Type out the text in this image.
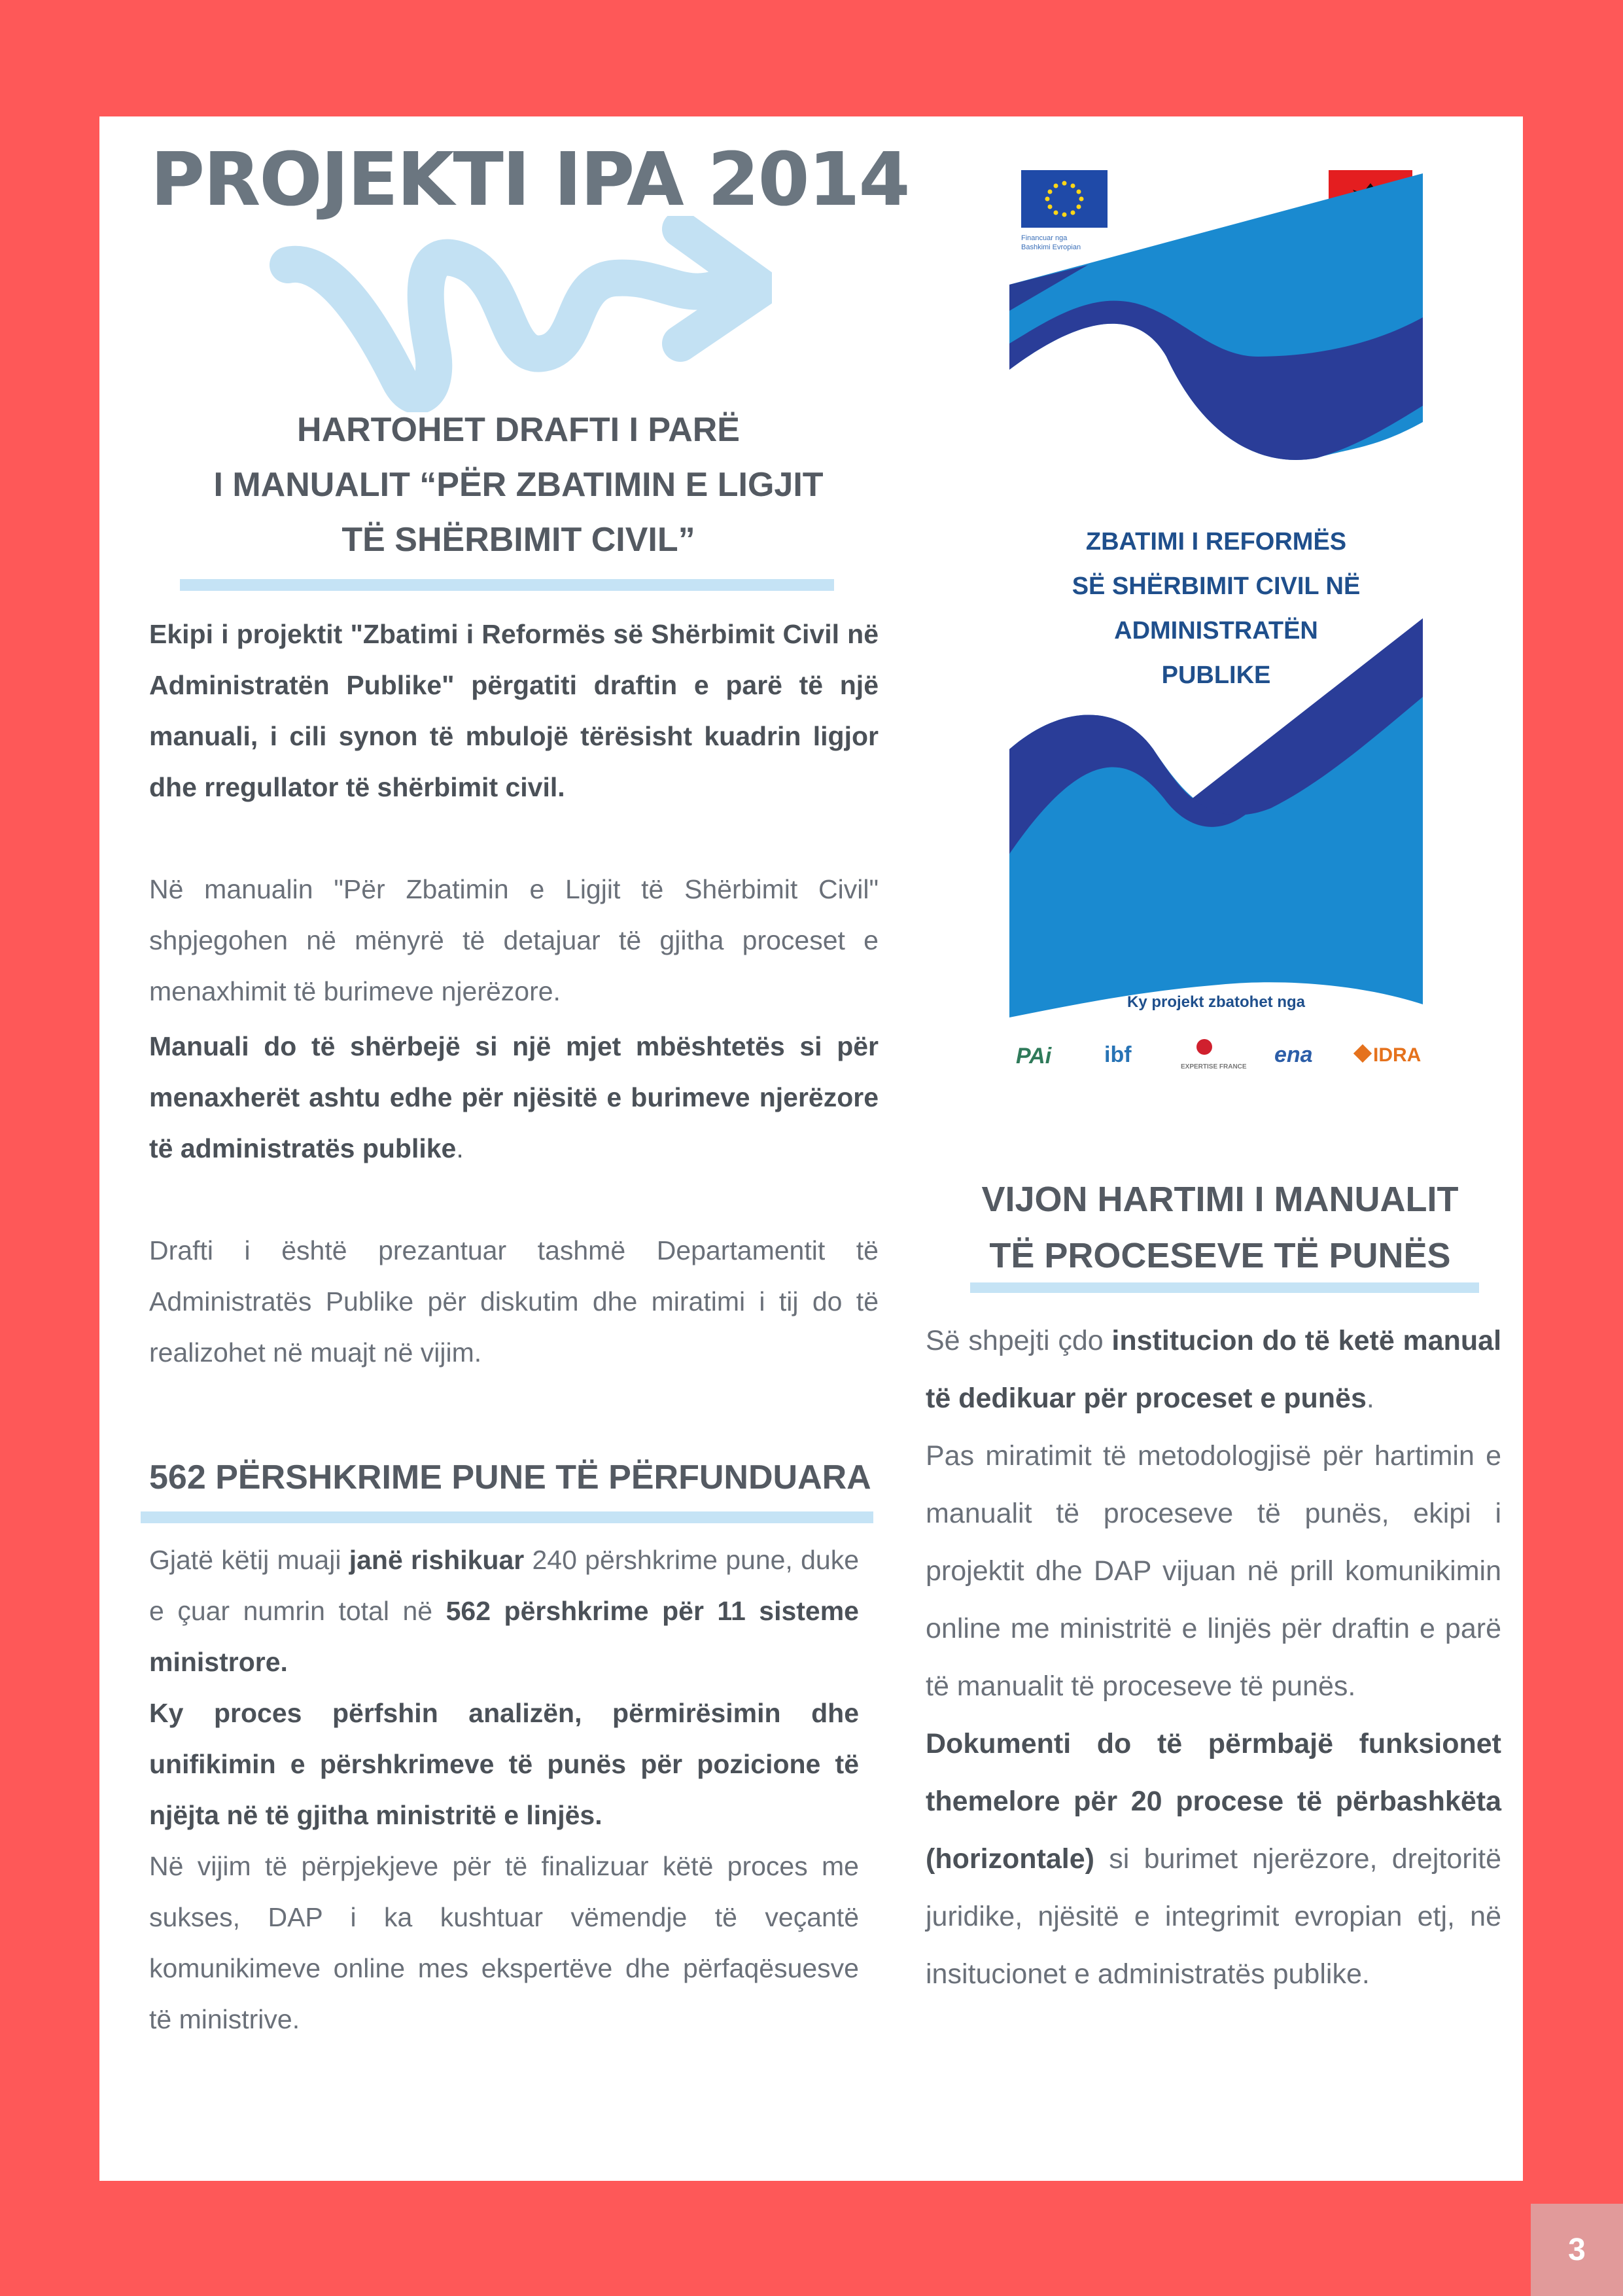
PROJEKTI IPA 2014
HARTOHET DRAFTI I PARË
I MANUALIT “PËR ZBATIMIN E LIGJIT
TË SHËRBIMIT CIVIL”

Ekipi i projektit "Zbatimi i Reformës së Shërbimit Civil në Administratën Publike" përgatiti draftin e parë të një manuali, i cili synon të mbulojë tërësisht kuadrin ligjor dhe rregullator të shërbimit civil.

Në manualin "Për Zbatimin e Ligjit të Shërbimit Civil" shpjegohen në mënyrë të detajuar të gjitha proceset e menaxhimit të burimeve njerëzore.

Manuali do të shërbejë si një mjet mbështetës si për menaxherët ashtu edhe për njësitë e burimeve njerëzore të administratës publike.

Drafti i është prezantuar tashmë Departamentit të Administratës Publike për diskutim dhe miratimi i tij do të realizohet në muajt në vijim.

562 PËRSHKRIME PUNE TË PËRFUNDUARA

Gjatë këtij muaji janë rishikuar 240 përshkrime pune, duke e çuar numrin total në 562 përshkrime për 11 sisteme ministrore.

Ky proces përfshin analizën, përmirësimin dhe unifikimin e përshkrimeve të punës për pozicione të njëjta në të gjitha ministritë e linjës.

Në vijim të përpjekjeve për të finalizuar këtë proces me sukses, DAP i ka kushtuar vëmendje të veçantë komunikimeve online mes ekspertëve dhe përfaqësuesve të ministrive.

Financuar nga
Bashkimi Evropian
ZBATIMI I REFORMËS
SË SHËRBIMIT CIVIL NË
ADMINISTRATËN
PUBLIKE
Ky projekt zbatohet nga
PAi ibf	EXPERTISE FRANCE ena	IDRA
VIJON HARTIMI I MANUALIT
TË PROCESEVE TË PUNËS

Së shpejti çdo institucion do të ketë manual të dedikuar për proceset e punës.

Pas miratimit të metodologjisë për hartimin e manualit të proceseve të punës, ekipi i projektit dhe DAP vijuan në prill komunikimin online me ministritë e linjës për draftin e parë të manualit të proceseve të punës.

Dokumenti do të përmbajë funksionet themelore për 20 procese të përbashkëta (horizontale) si burimet njerëzore, drejtoritë juridike, njësitë e integrimit evropian etj, në insitucionet e administratës publike.

3
